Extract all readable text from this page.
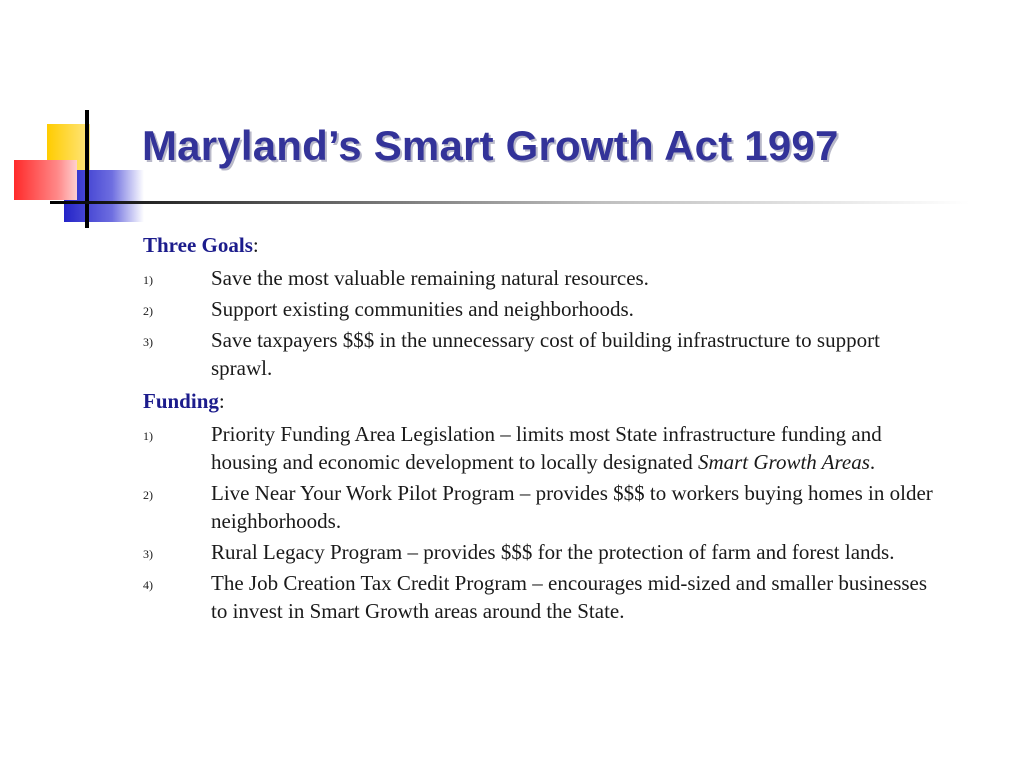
Maryland’s Smart Growth Act 1997
Three Goals:
1)	Save the most valuable remaining natural resources.
2)	Support existing communities and neighborhoods.
3)	Save taxpayers $$$ in the unnecessary cost of building infrastructure to support sprawl.
Funding:
1)	Priority Funding Area Legislation – limits most State infrastructure funding and housing and economic development to locally designated Smart Growth Areas.
2)	Live Near Your Work Pilot Program – provides $$$ to workers buying homes in older neighborhoods.
3)	Rural Legacy Program – provides $$$ for the protection of farm and forest lands.
4)	The Job Creation Tax Credit Program – encourages mid-sized and smaller businesses to invest in Smart Growth areas around the State.
